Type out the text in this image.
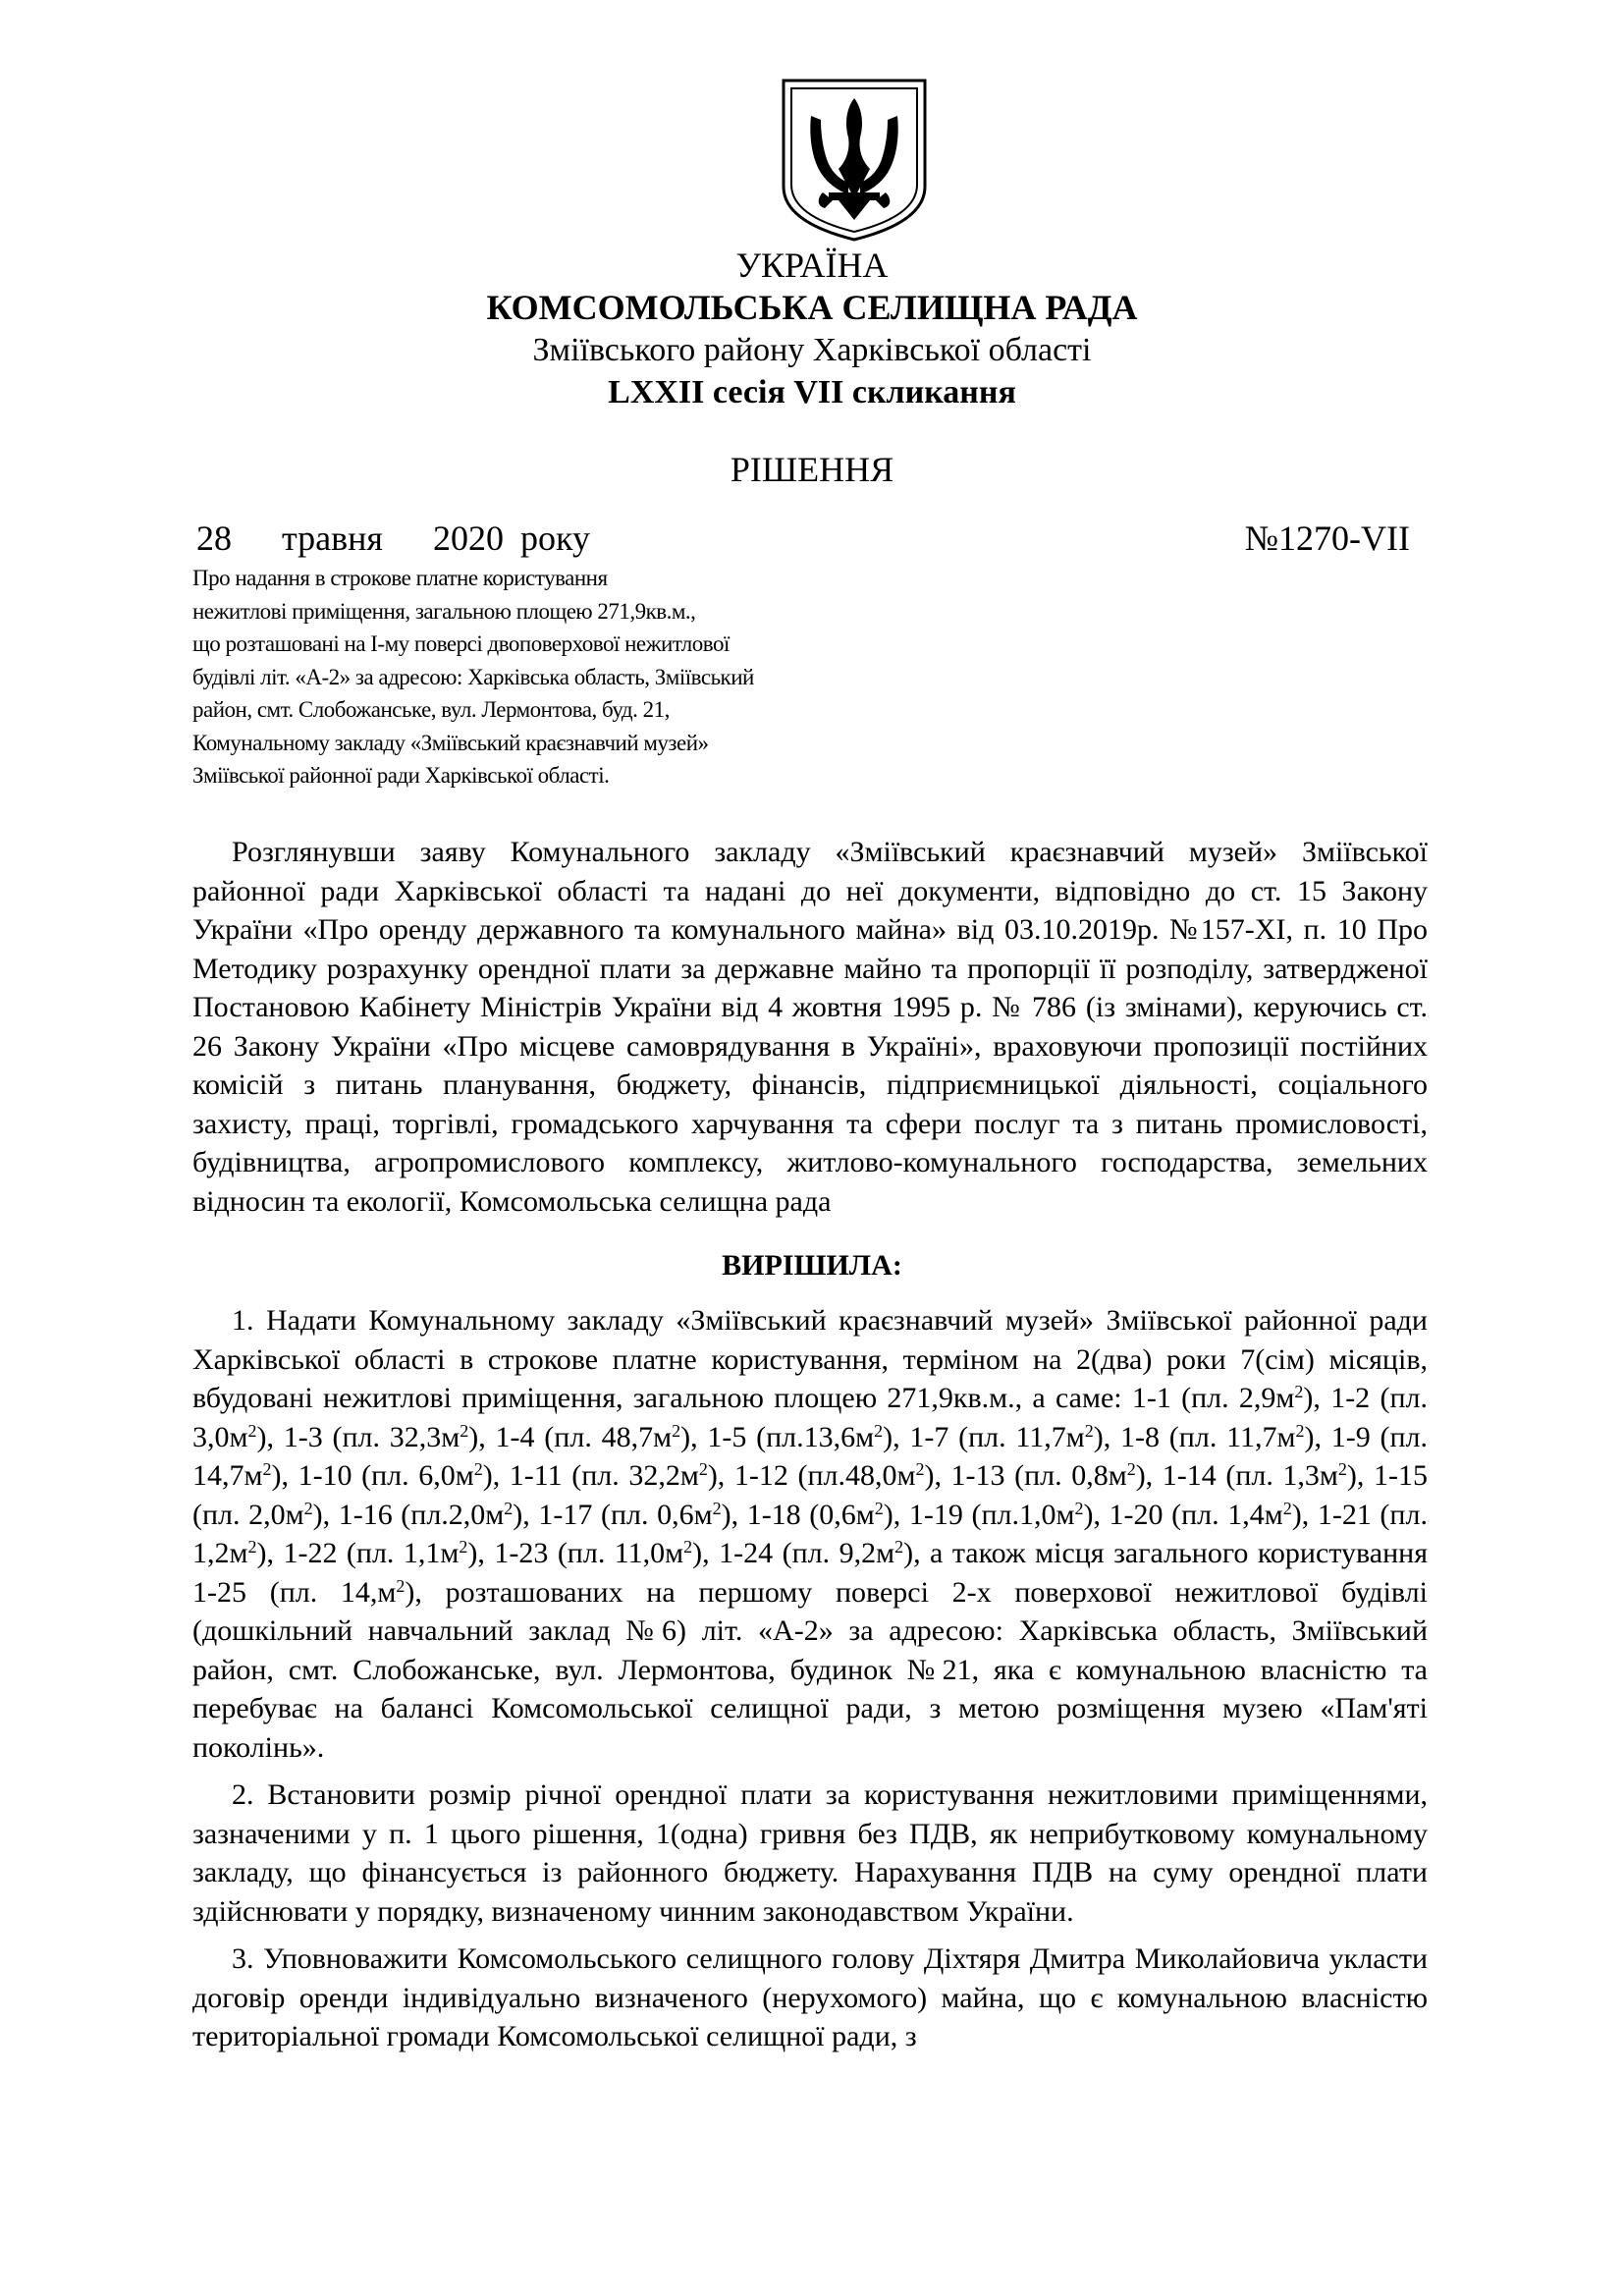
УКРАЇНА
КОМСОМОЛЬСЬКА СЕЛИЩНА РАДА
Зміївського району Харківської області
LXXII сесія VII скликання
РІШЕННЯ
28   травня   2020 року	№1270-VII
Про надання в строкове платне користування
нежитлові приміщення, загальною площею 271,9кв.м.,
що розташовані на І-му поверсі двоповерхової нежитлової
будівлі літ. «А-2» за адресою: Харківська область, Зміївський
район, смт. Слобожанське, вул. Лермонтова, буд. 21,
Комунальному закладу «Зміївський краєзнавчий музей»
Зміївської районної ради Харківської області.

Розглянувши заяву Комунального закладу «Зміївський краєзнавчий музей» Зміївської районної ради Харківської області та надані до неї документи, відповідно до ст. 15 Закону України «Про оренду державного та комунального майна» від 03.10.2019р. №157-ХІ, п. 10 Про Методику розрахунку орендної плати за державне майно та пропорції її розподілу, затвердженої Постановою Кабінету Міністрів України від 4 жовтня 1995 р. № 786 (із змінами), керуючись ст. 26 Закону України «Про місцеве самоврядування в Україні», враховуючи пропозиції постійних комісій з питань планування, бюджету, фінансів, підприємницької діяльності, соціального захисту, праці, торгівлі, громадського харчування та сфери послуг та з питань промисловості, будівництва, агропромислового комплексу, житлово-комунального господарства, земельних відносин та екології, Комсомольська селищна рада

ВИРІШИЛА:

1. Надати Комунальному закладу «Зміївський краєзнавчий музей» Зміївської районної ради Харківської області в строкове платне користування, терміном на 2(два) роки 7(сім) місяців, вбудовані нежитлові приміщення, загальною площею 271,9кв.м., а саме: 1-1 (пл. $2,9м^2$), 1-2 (пл. $3,0м^2$), 1-3 (пл. $32,3м^2$), 1-4 (пл. $48,7м^2$), 1-5 $(пл.13,6м^2)$, 1-7 (пл. $11,7м^2$), 1-8 (пл. $11,7м^2$), 1-9 (пл. $14,7м^2$), 1-10 (пл. $6,0м^2$), 1-11 (пл. $32,2м^2$), 1-12 $(пл.48,0м^2)$, 1-13 (пл. $0,8м^2$), 1-14 (пл. $1,3м^2$), 1-15 (пл. $2,0м^2$), 1-16 $(пл.2,0м^2)$, 1-17 (пл. $0,6м^2$), 1-18 $(0,6м^2)$, 1-19 $(пл.1,0м^2)$, 1-20 (пл. $1,4м^2$), 1-21 (пл. $1,2м^2$), 1-22 (пл. $1,1м^2$), 1-23 (пл. $11,0м^2$), 1-24 (пл. $9,2м^2$), а також місця загального користування 1-25 (пл. $14,м^2$), розташованих на першому поверсі 2-х поверхової нежитлової будівлі (дошкільний навчальний заклад №6) літ. «А-2» за адресою: Харківська область, Зміївський район, смт. Слобожанське, вул. Лермонтова, будинок №21, яка є комунальною власністю та перебуває на балансі Комсомольської селищної ради, з метою розміщення музею «Пам'яті поколінь».

2. Встановити розмір річної орендної плати за користування нежитловими приміщеннями, зазначеними у п. 1 цього рішення, 1(одна) гривня без ПДВ, як неприбутковому комунальному закладу, що фінансується із районного бюджету. Нарахування ПДВ на суму орендної плати здійснювати у порядку, визначеному чинним законодавством України.

3. Уповноважити Комсомольського селищного голову Діхтяря Дмитра Миколайовича укласти договір оренди індивідуально визначеного (нерухомого) майна, що є комунальною власністю територіальної громади Комсомольської селищної ради, з
